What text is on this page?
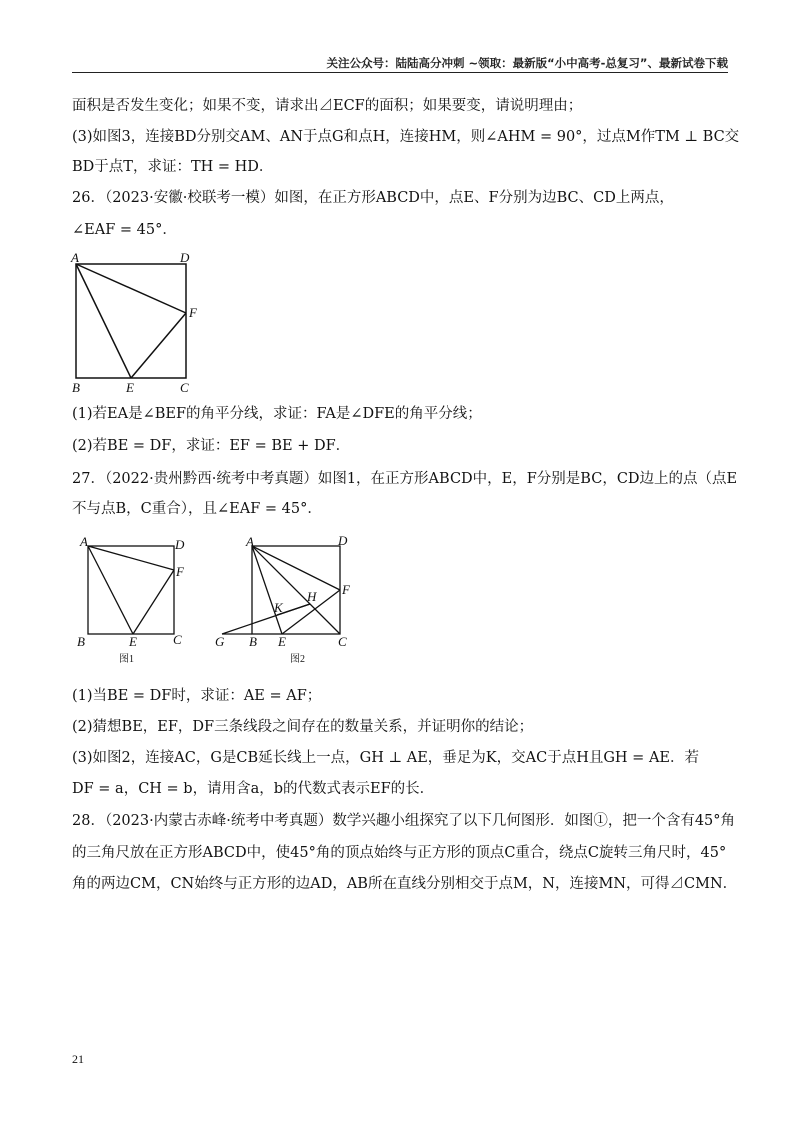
关注公众号：陆陆高分冲刺 ~领取：最新版“小中高考-总复习”、最新试卷下载
面积是否发生变化；如果不变，请求出⊿ECF的面积；如果要变，请说明理由；
(3)如图3，连接BD分别交AM、AN于点G和点H，连接HM，则∠AHM = 90°，过点M作TM ⊥ BC交
BD于点T，求证：TH = HD．
26．（2023·安徽·校联考一模）如图，在正方形ABCD中，点E、F分别为边BC、CD上两点，
∠EAF = 45°．
A	D
F
B	E	C
(1)若EA是∠BEF的角平分线，求证：FA是∠DFE的角平分线；
(2)若BE = DF，求证：EF = BE + DF．
27．（2022·贵州黔西·统考中考真题）如图1，在正方形ABCD中，E，F分别是BC，CD边上的点（点E
不与点B，C重合），且∠EAF = 45°．
A	D
F
B	E	C
图1
A	D
F
H
K
G B E	C
图2
(1)当BE = DF时，求证：AE = AF；
(2)猜想BE，EF，DF三条线段之间存在的数量关系，并证明你的结论；
(3)如图2，连接AC，G是CB延长线上一点，GH ⊥ AE，垂足为K，交AC于点H且GH = AE．若
DF = a，CH = b，请用含a，b的代数式表示EF的长．
28．（2023·内蒙古赤峰·统考中考真题）数学兴趣小组探究了以下几何图形．如图①，把一个含有45°角
的三角尺放在正方形ABCD中，使45°角的顶点始终与正方形的顶点C重合，绕点C旋转三角尺时，45°
角的两边CM，CN始终与正方形的边AD，AB所在直线分别相交于点M，N，连接MN，可得⊿CMN．
21
